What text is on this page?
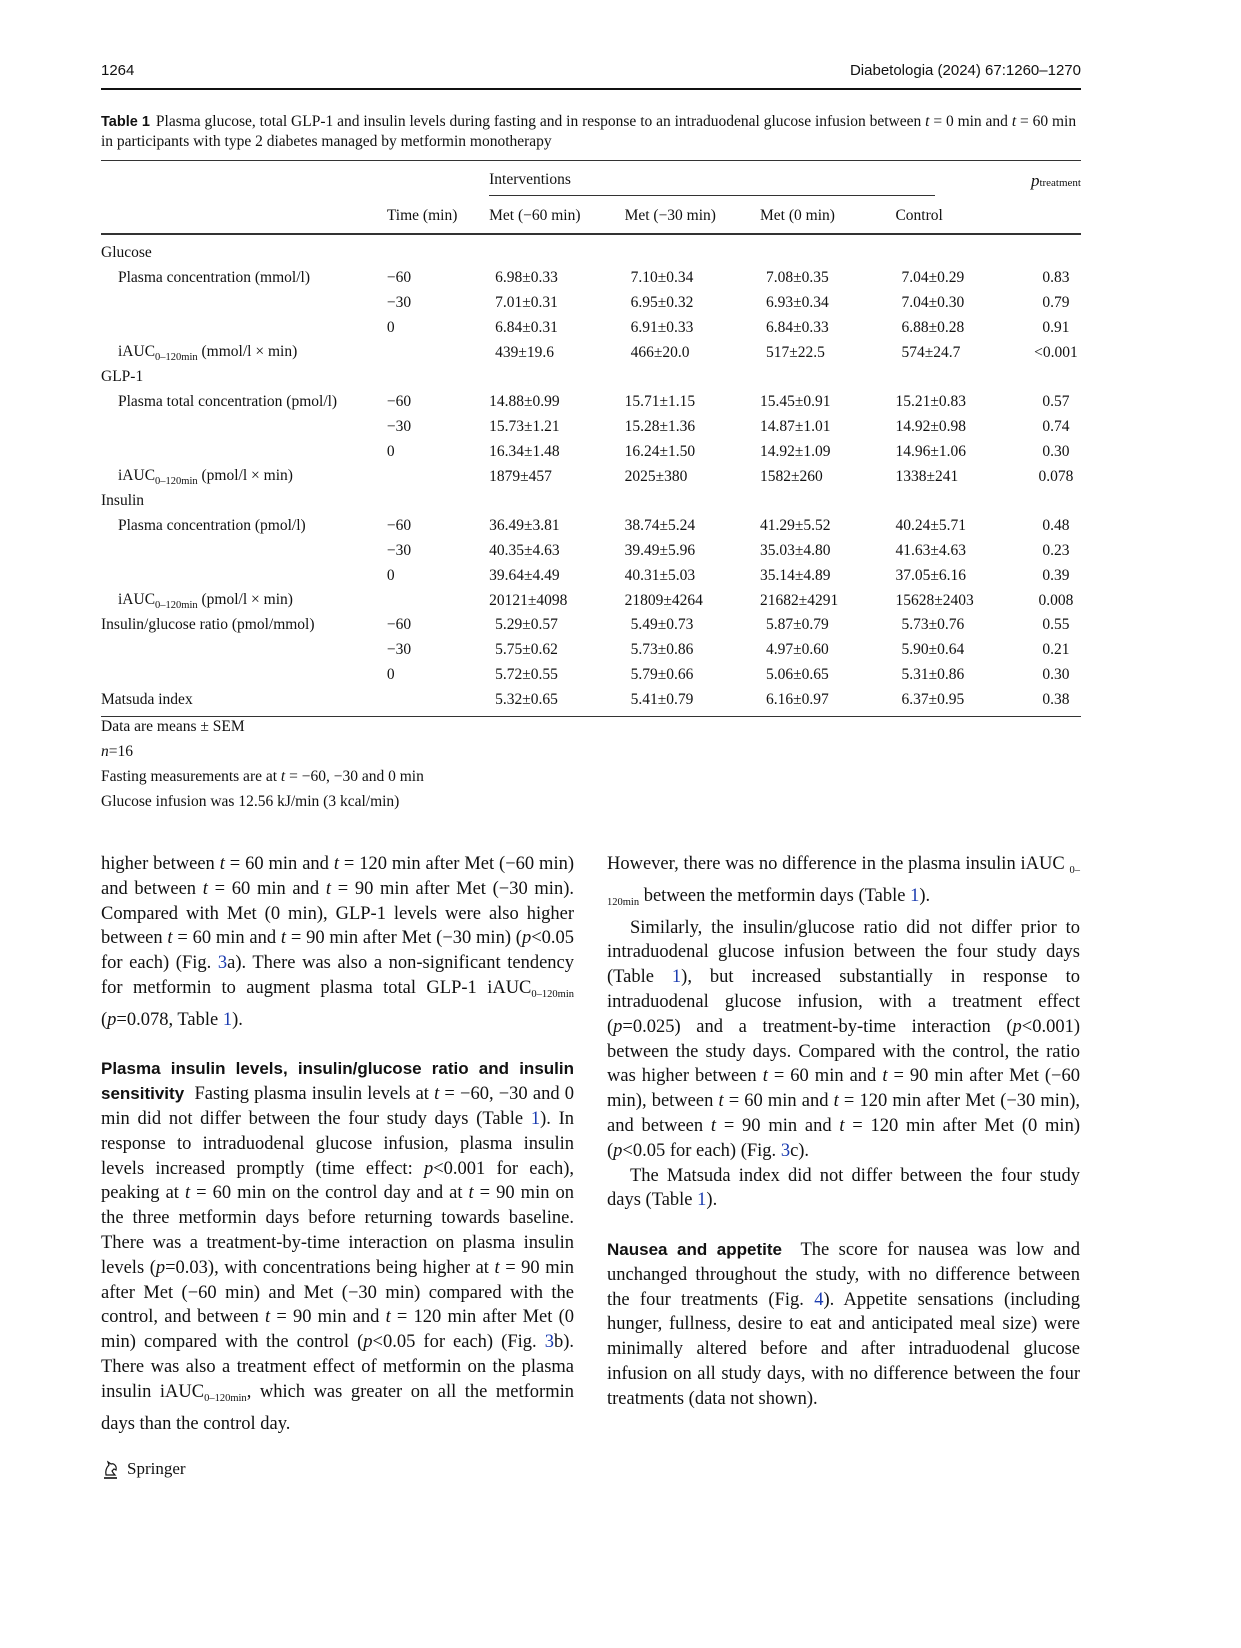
1264	Diabetologia (2024) 67:1260–1270
Table 1 Plasma glucose, total GLP-1 and insulin levels during fasting and in response to an intraduodenal glucose infusion between t = 0 min and t = 60 min in participants with type 2 diabetes managed by metformin monotherapy
		Interventions				ptreatment
	Time (min)	Met (−60 min)	Met (−30 min)	Met (0 min)	Control	
Glucose						
Plasma concentration (mmol/l)	−60	6.98±0.33	7.10±0.34	7.08±0.35	7.04±0.29	0.83
	−30	7.01±0.31	6.95±0.32	6.93±0.34	7.04±0.30	0.79
	0	6.84±0.31	6.91±0.33	6.84±0.33	6.88±0.28	0.91
iAUC$_{0-120min}$ (mmol/l × min)		439±19.6	466±20.0	517±22.5	574±24.7	<0.001
GLP-1						
Plasma total concentration (pmol/l)	−60	14.88±0.99	15.71±1.15	15.45±0.91	15.21±0.83	0.57
	−30	15.73±1.21	15.28±1.36	14.87±1.01	14.92±0.98	0.74
	0	16.34±1.48	16.24±1.50	14.92±1.09	14.96±1.06	0.30
iAUC$_{0-120min}$ (pmol/l × min)		1879±457	2025±380	1582±260	1338±241	0.078
Insulin						
Plasma concentration (pmol/l)	−60	36.49±3.81	38.74±5.24	41.29±5.52	40.24±5.71	0.48
	−30	40.35±4.63	39.49±5.96	35.03±4.80	41.63±4.63	0.23
	0	39.64±4.49	40.31±5.03	35.14±4.89	37.05±6.16	0.39
iAUC$_{0-120min}$ (pmol/l × min)		20121±4098	21809±4264	21682±4291	15628±2403	0.008
Insulin/glucose ratio (pmol/mmol)	−60	5.29±0.57	5.49±0.73	5.87±0.79	5.73±0.76	0.55
	−30	5.75±0.62	5.73±0.86	4.97±0.60	5.90±0.64	0.21
	0	5.72±0.55	5.79±0.66	5.06±0.65	5.31±0.86	0.30
Matsuda index		5.32±0.65	5.41±0.79	6.16±0.97	6.37±0.95	0.38
Data are means ± SEM
n=16
Fasting measurements are at t = −60, −30 and 0 min
Glucose infusion was 12.56 kJ/min (3 kcal/min)

higher between t = 60 min and t = 120 min after Met (−60 min) and between t = 60 min and t = 90 min after Met (−30 min). Compared with Met (0 min), GLP-1 levels were also higher between t = 60 min and t = 90 min after Met (−30 min) (p<0.05 for each) (Fig. 3a). There was also a non-significant tendency for metformin to augment plasma total GLP-1 iAUC$_{0-120min}$ (p=0.078, Table 1).

Plasma insulin levels, insulin/glucose ratio and insulin sensitivity Fasting plasma insulin levels at t = −60, −30 and 0 min did not differ between the four study days (Table 1). In response to intraduodenal glucose infusion, plasma insulin levels increased promptly (time effect: p<0.001 for each), peaking at t = 60 min on the control day and at t = 90 min on the three metformin days before returning towards baseline. There was a treatment-by-time interaction on plasma insulin levels (p=0.03), with concentrations being higher at t = 90 min after Met (−60 min) and Met (−30 min) compared with the control, and between t = 90 min and t = 120 min after Met (0 min) compared with the control (p<0.05 for each) (Fig. 3b). There was also a treatment effect of metformin on the plasma insulin iAUC$_{0-120min}$, which was greater on all the metformin days than the control day.

However, there was no difference in the plasma insulin iAUC $_{0-120min}$ between the metformin days (Table 1).

Similarly, the insulin/glucose ratio did not differ prior to intraduodenal glucose infusion between the four study days (Table 1), but increased substantially in response to intraduodenal glucose infusion, with a treatment effect (p=0.025) and a treatment-by-time interaction (p<0.001) between the study days. Compared with the control, the ratio was higher between t = 60 min and t = 90 min after Met (−60 min), between t = 60 min and t = 120 min after Met (−30 min), and between t = 90 min and t = 120 min after Met (0 min) (p<0.05 for each) (Fig. 3c).

The Matsuda index did not differ between the four study days (Table 1).

Nausea and appetite The score for nausea was low and unchanged throughout the study, with no difference between the four treatments (Fig. 4). Appetite sensations (including hunger, fullness, desire to eat and anticipated meal size) were minimally altered before and after intraduodenal glucose infusion on all study days, with no difference between the four treatments (data not shown).

Springer
